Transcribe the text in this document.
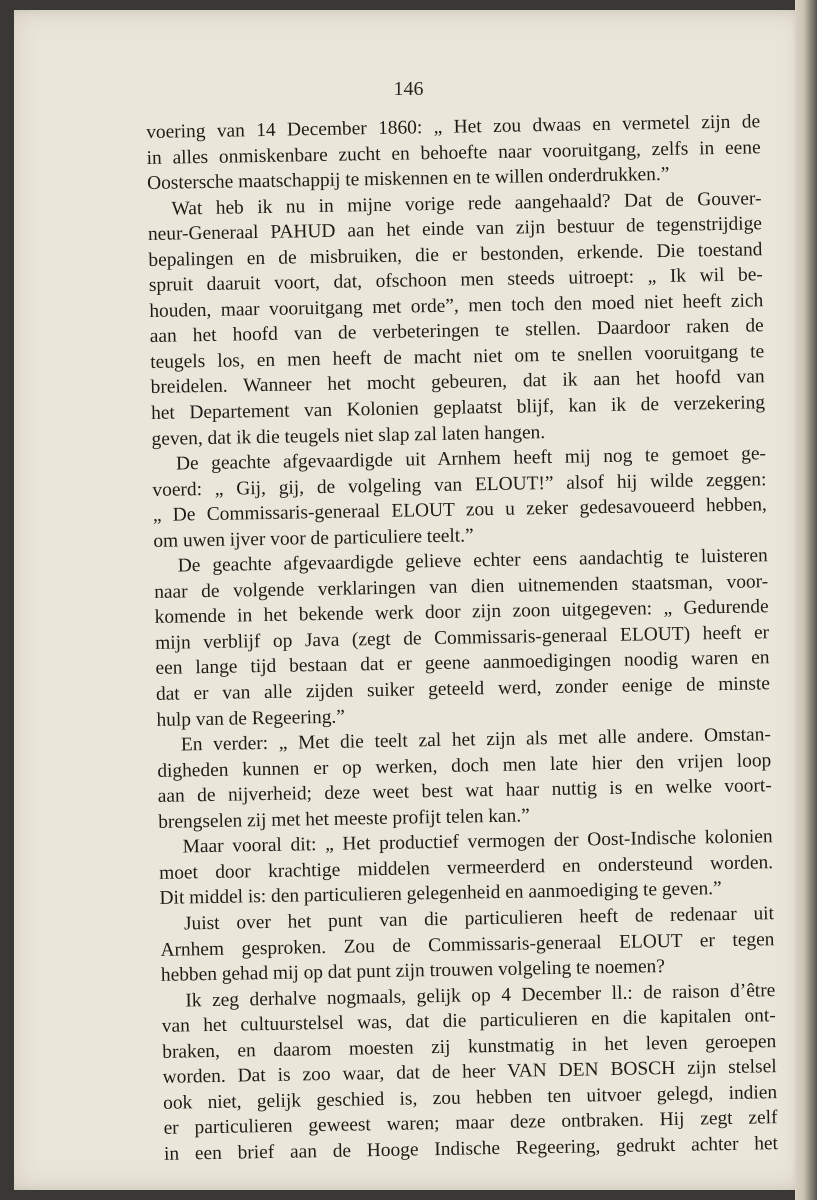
146
voering van 14 December 1860: „ Het zou dwaas en vermetel zijn de
in alles onmiskenbare zucht en behoefte naar vooruitgang, zelfs in eene
Oostersche maatschappij te miskennen en te willen onderdrukken.”
Wat heb ik nu in mijne vorige rede aangehaald? Dat de Gouver-
neur-Generaal PAHUD aan het einde van zijn bestuur de tegenstrijdige
bepalingen en de misbruiken, die er bestonden, erkende. Die toestand
spruit daaruit voort, dat, ofschoon men steeds uitroept: „ Ik wil be-
houden, maar vooruitgang met orde”, men toch den moed niet heeft zich
aan het hoofd van de verbeteringen te stellen. Daardoor raken de
teugels los, en men heeft de macht niet om te snellen vooruitgang te
breidelen. Wanneer het mocht gebeuren, dat ik aan het hoofd van
het Departement van Kolonien geplaatst blijf, kan ik de verzekering
geven, dat ik die teugels niet slap zal laten hangen.
De geachte afgevaardigde uit Arnhem heeft mij nog te gemoet ge-
voerd: „ Gij, gij, de volgeling van ELOUT!” alsof hij wilde zeggen:
„ De Commissaris-generaal ELOUT zou u zeker gedesavoueerd hebben,
om uwen ijver voor de particuliere teelt.”
De geachte afgevaardigde gelieve echter eens aandachtig te luisteren
naar de volgende verklaringen van dien uitnemenden staatsman, voor-
komende in het bekende werk door zijn zoon uitgegeven: „ Gedurende
mijn verblijf op Java (zegt de Commissaris-generaal ELOUT) heeft er
een lange tijd bestaan dat er geene aanmoedigingen noodig waren en
dat er van alle zijden suiker geteeld werd, zonder eenige de minste
hulp van de Regeering.”
En verder: „ Met die teelt zal het zijn als met alle andere. Omstan-
digheden kunnen er op werken, doch men late hier den vrijen loop
aan de nijverheid; deze weet best wat haar nuttig is en welke voort-
brengselen zij met het meeste profijt telen kan.”
Maar vooral dit: „ Het productief vermogen der Oost-Indische kolonien
moet door krachtige middelen vermeerderd en ondersteund worden.
Dit middel is: den particulieren gelegenheid en aanmoediging te geven.”
Juist over het punt van die particulieren heeft de redenaar uit
Arnhem gesproken. Zou de Commissaris-generaal ELOUT er tegen
hebben gehad mij op dat punt zijn trouwen volgeling te noemen?
Ik zeg derhalve nogmaals, gelijk op 4 December ll.: de raison d’être
van het cultuurstelsel was, dat die particulieren en die kapitalen ont-
braken, en daarom moesten zij kunstmatig in het leven geroepen
worden. Dat is zoo waar, dat de heer VAN DEN BOSCH zijn stelsel
ook niet, gelijk geschied is, zou hebben ten uitvoer gelegd, indien
er particulieren geweest waren; maar deze ontbraken. Hij zegt zelf
in een brief aan de Hooge Indische Regeering, gedrukt achter het
